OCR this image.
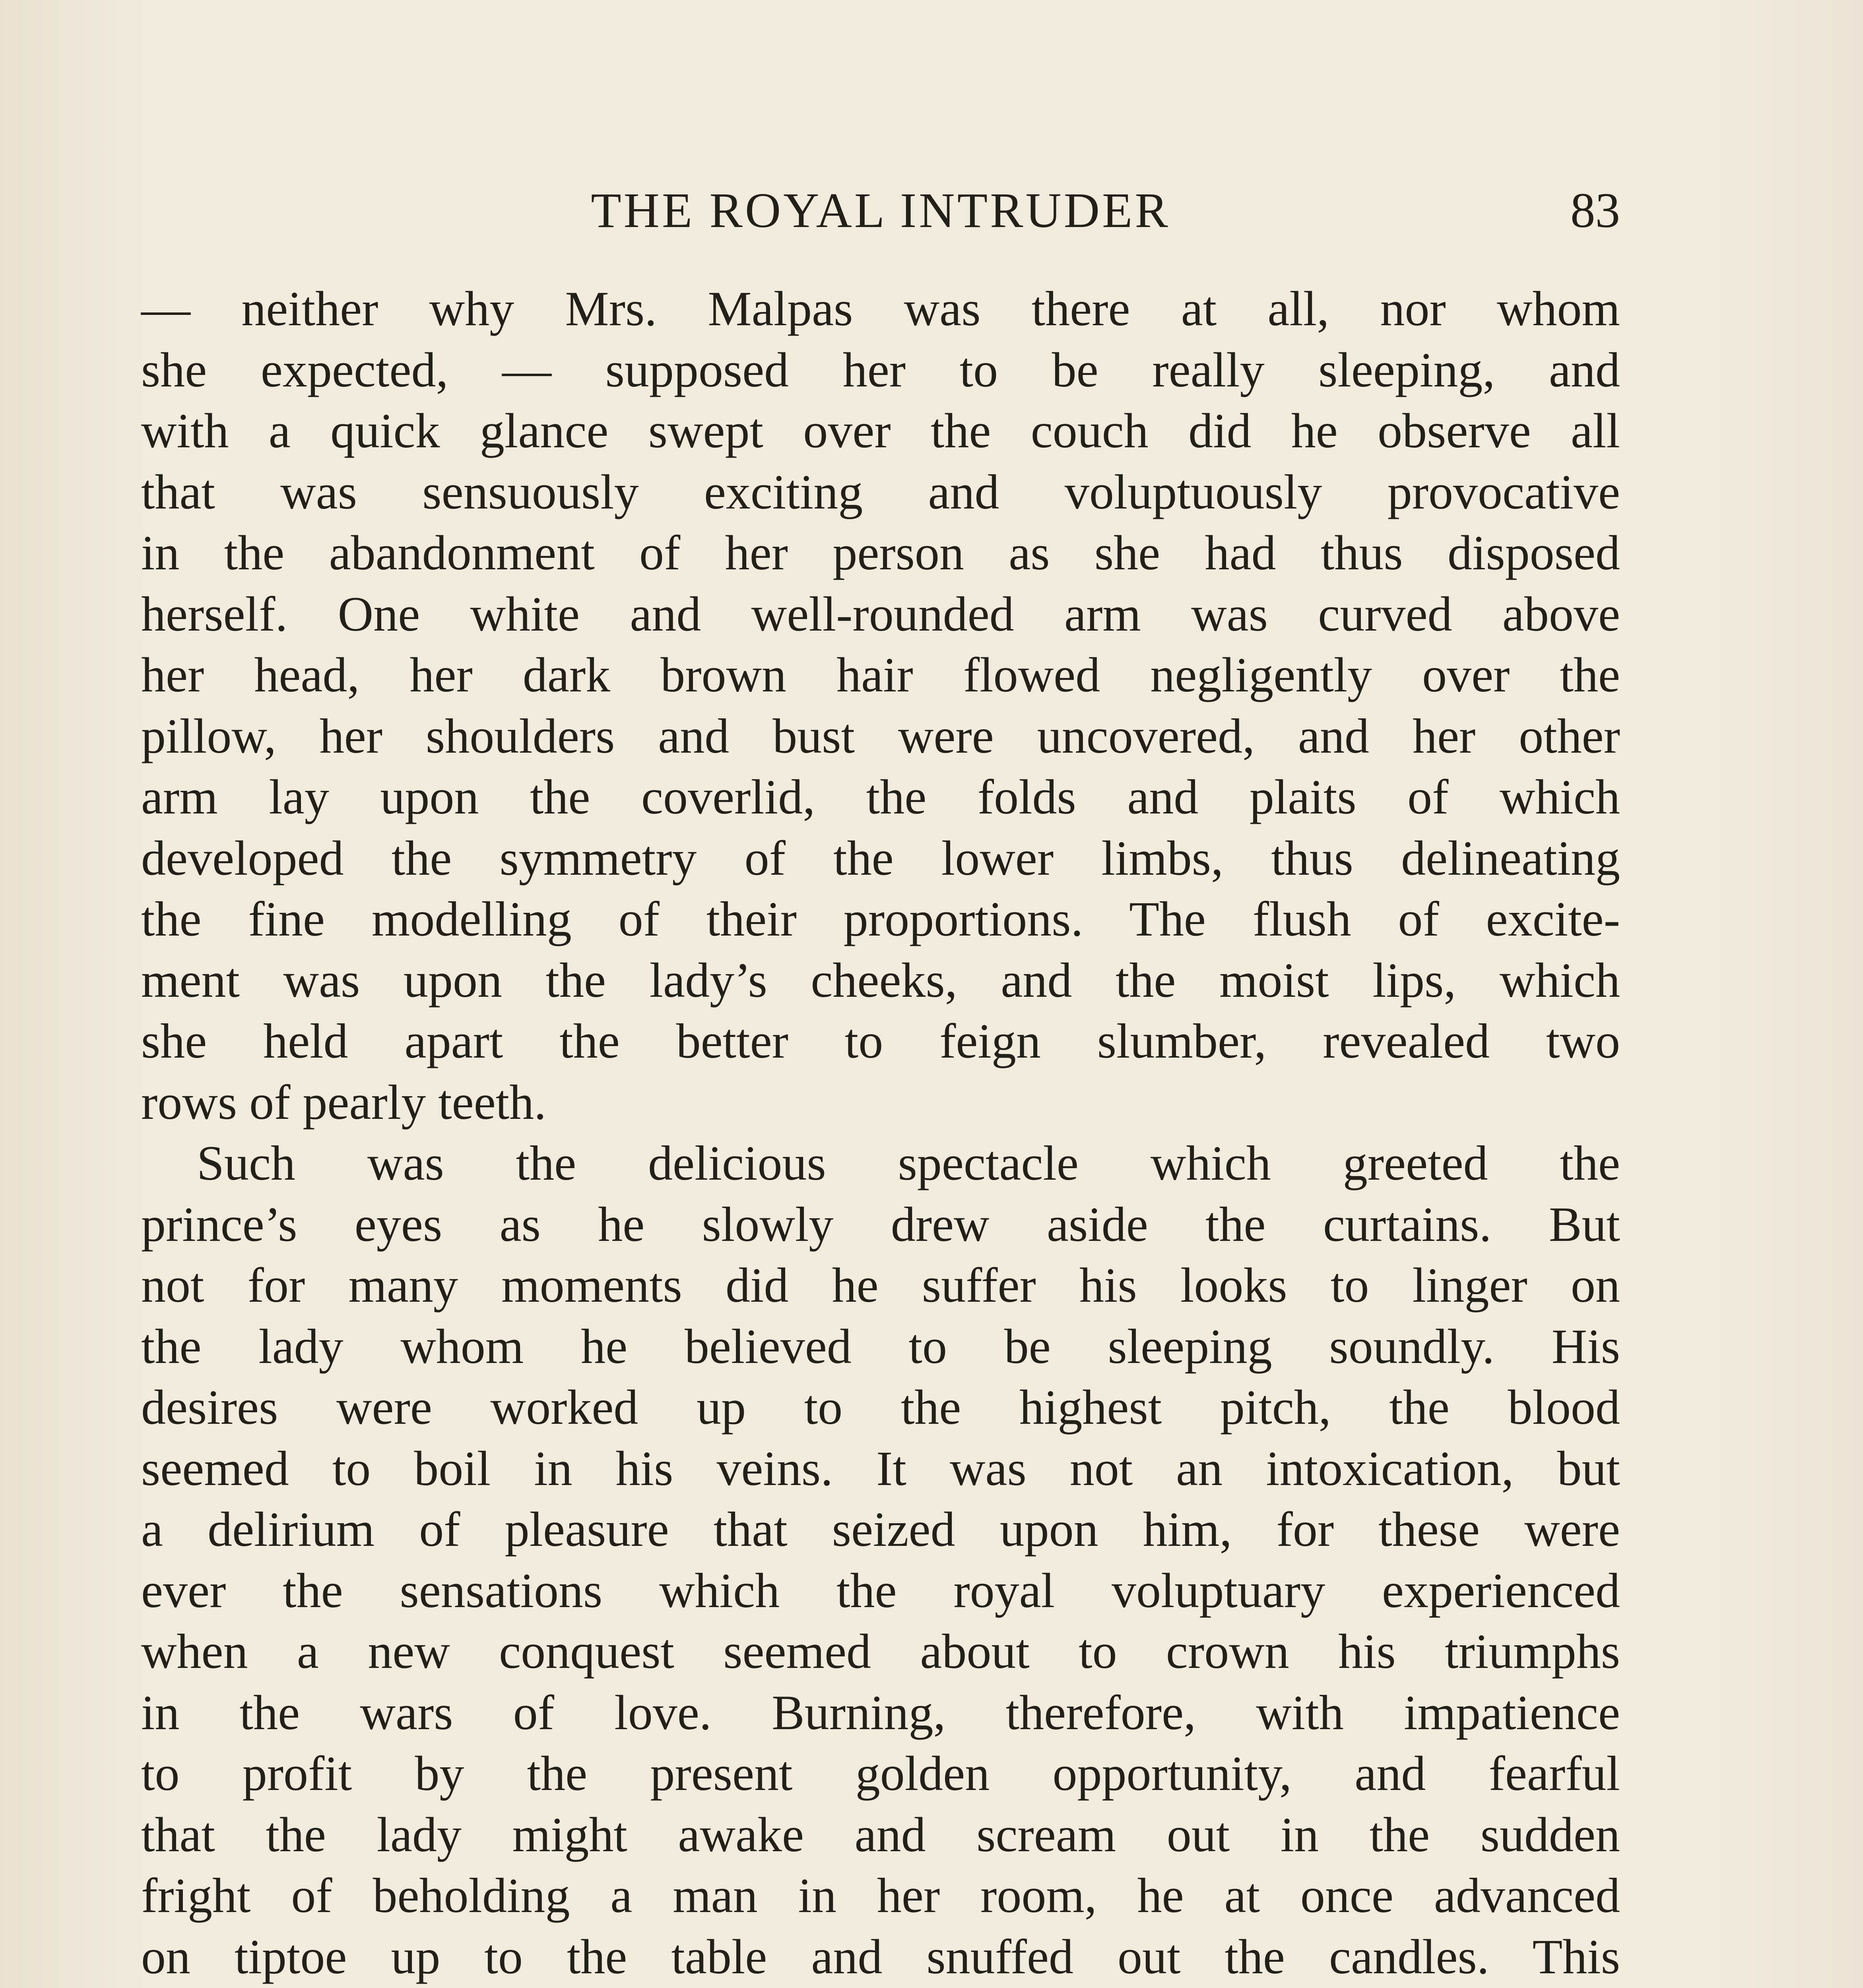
THE ROYAL INTRUDER	83
— neither why Mrs. Malpas was there at all, nor whom
she expected, — supposed her to be really sleeping, and
with a quick glance swept over the couch did he observe all
that was sensuously exciting and voluptuously provocative
in the abandonment of her person as she had thus disposed
herself. One white and well-rounded arm was curved above
her head, her dark brown hair flowed negligently over the
pillow, her shoulders and bust were uncovered, and her other
arm lay upon the coverlid, the folds and plaits of which
developed the symmetry of the lower limbs, thus delineating
the fine modelling of their proportions. The flush of excite-
ment was upon the lady’s cheeks, and the moist lips, which
she held apart the better to feign slumber, revealed two
rows of pearly teeth.
Such was the delicious spectacle which greeted the
prince’s eyes as he slowly drew aside the curtains. But
not for many moments did he suffer his looks to linger on
the lady whom he believed to be sleeping soundly. His
desires were worked up to the highest pitch, the blood
seemed to boil in his veins. It was not an intoxication, but
a delirium of pleasure that seized upon him, for these were
ever the sensations which the royal voluptuary experienced
when a new conquest seemed about to crown his triumphs
in the wars of love. Burning, therefore, with impatience
to profit by the present golden opportunity, and fearful
that the lady might awake and scream out in the sudden
fright of beholding a man in her room, he at once advanced
on tiptoe up to the table and snuffed out the candles. This
